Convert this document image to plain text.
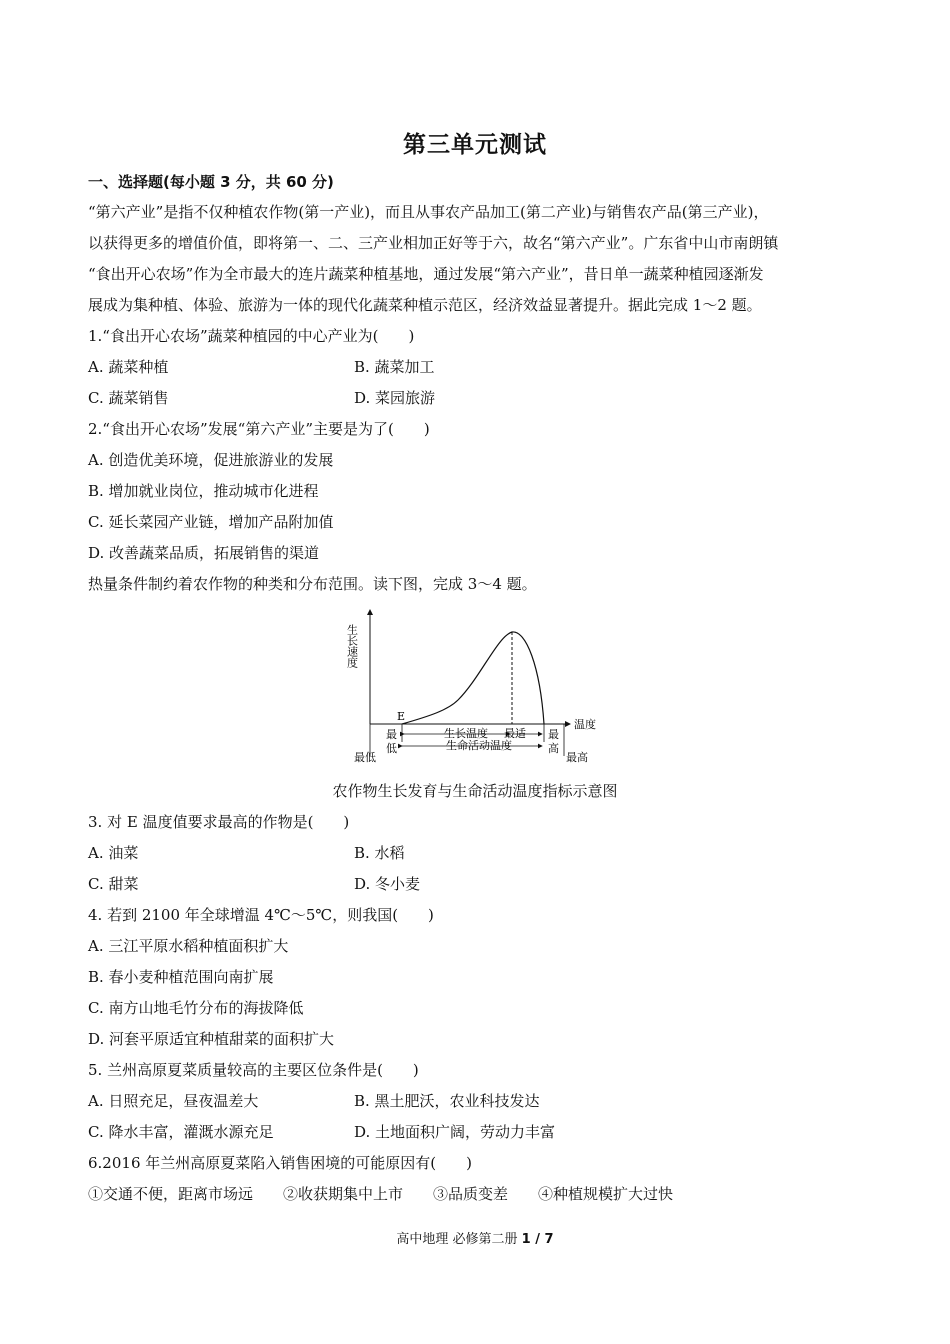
第三单元测试
一、选择题(每小题 3 分，共 60 分)
“第六产业”是指不仅种植农作物(第一产业)，而且从事农产品加工(第二产业)与销售农产品(第三产业)，
以获得更多的增值价值，即将第一、二、三产业相加正好等于六，故名“第六产业”。广东省中山市南朗镇
“食出开心农场”作为全市最大的连片蔬菜种植基地，通过发展“第六产业”，昔日单一蔬菜种植园逐渐发
展成为集种植、体验、旅游为一体的现代化蔬菜种植示范区，经济效益显著提升。据此完成 1～2 题。
1.“食出开心农场”蔬菜种植园的中心产业为(　　)
A. 蔬菜种植	B. 蔬菜加工
C. 蔬菜销售	D. 菜园旅游
2.“食出开心农场”发展“第六产业”主要是为了(　　)
A. 创造优美环境，促进旅游业的发展
B. 增加就业岗位，推动城市化进程
C. 延长菜园产业链，增加产品附加值
D. 改善蔬菜品质，拓展销售的渠道
热量条件制约着农作物的种类和分布范围。读下图，完成 3～4 题。
生长速度
E
温度
最
低
生长温度 最适
生命活动温度
最
高
最低	最高
农作物生长发育与生命活动温度指标示意图
3. 对 E 温度值要求最高的作物是(　　)
A. 油菜	B. 水稻
C. 甜菜	D. 冬小麦
4. 若到 2100 年全球增温 4℃～5℃，则我国(　　)
A. 三江平原水稻种植面积扩大
B. 春小麦种植范围向南扩展
C. 南方山地毛竹分布的海拔降低
D. 河套平原适宜种植甜菜的面积扩大
5. 兰州高原夏菜质量较高的主要区位条件是(　　)
A. 日照充足，昼夜温差大	B. 黑土肥沃，农业科技发达
C. 降水丰富，灌溉水源充足	D. 土地面积广阔，劳动力丰富
6.2016 年兰州高原夏菜陷入销售困境的可能原因有(　　)
①交通不便，距离市场远　　②收获期集中上市　　③品质变差　　④种植规模扩大过快
高中地理 必修第二册 1 / 7
